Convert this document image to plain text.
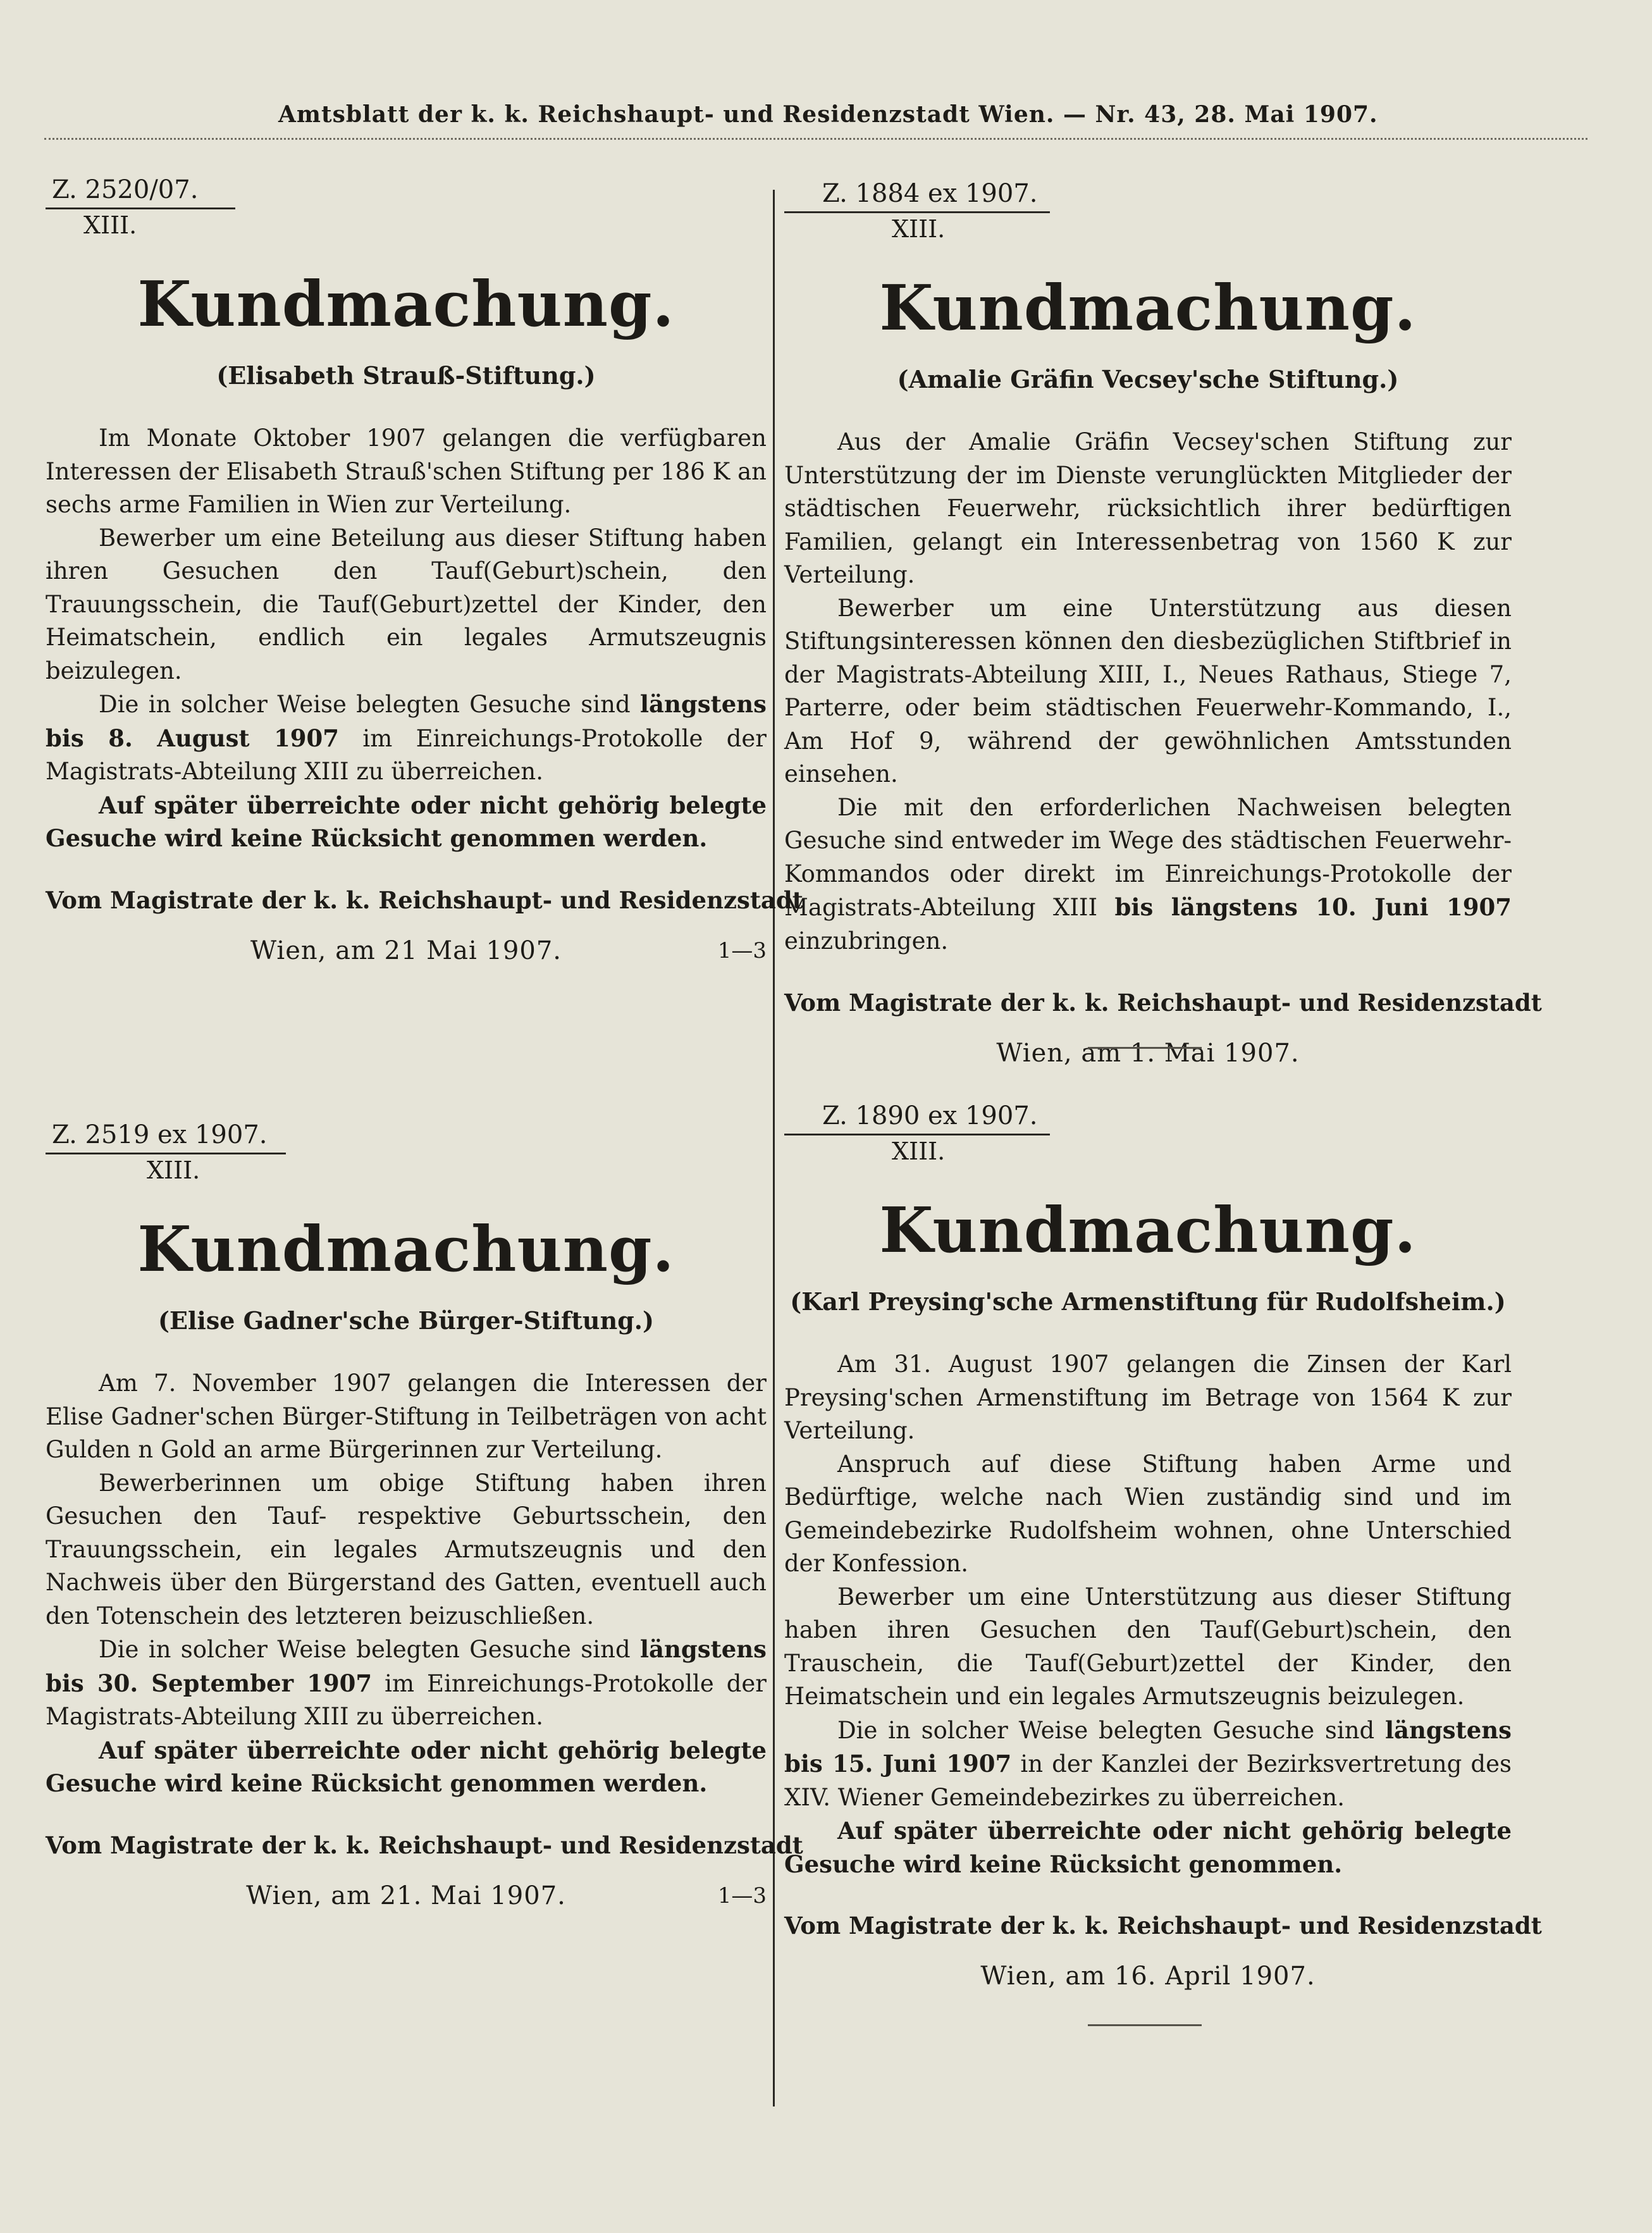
Amtsblatt der k. k. Reichshaupt- und Residenzstadt Wien. — Nr. 43, 28. Mai 1907.
Z. 2520/07.
XIII.
Kundmachung.
(Elisabeth Strauß-Stiftung.)

Im Monate Oktober 1907 gelangen die verfügbaren Interessen der Elisabeth Strauß'schen Stiftung per 186 K an sechs arme Familien in Wien zur Verteilung.

Bewerber um eine Beteilung aus dieser Stiftung haben ihren Gesuchen den Tauf(Geburt)schein, den Trauungsschein, die Tauf(Geburt)zettel der Kinder, den Heimatschein, endlich ein legales Armutszeugnis beizulegen.

Die in solcher Weise belegten Gesuche sind längstens bis 8. August 1907 im Einreichungs-Protokolle der Magistrats-Abteilung XIII zu überreichen.

Auf später überreichte oder nicht gehörig belegte Gesuche wird keine Rücksicht genommen werden.

Vom Magistrate der k. k. Reichshaupt- und Residenzstadt
Wien, am 21 Mai 1907.	1—3
Z. 2519 ex 1907.
XIII.
Kundmachung.
(Elise Gadner'sche Bürger-Stiftung.)

Am 7. November 1907 gelangen die Interessen der Elise Gadner'schen Bürger-Stiftung in Teilbeträgen von acht Gulden n Gold an arme Bürgerinnen zur Verteilung.

Bewerberinnen um obige Stiftung haben ihren Gesuchen den Tauf- respektive Geburtsschein, den Trauungsschein, ein legales Armutszeugnis und den Nachweis über den Bürgerstand des Gatten, eventuell auch den Totenschein des letzteren beizuschließen.

Die in solcher Weise belegten Gesuche sind längstens bis 30. September 1907 im Einreichungs-Protokolle der Magistrats-Abteilung XIII zu überreichen.

Auf später überreichte oder nicht gehörig belegte Gesuche wird keine Rücksicht genommen werden.

Vom Magistrate der k. k. Reichshaupt- und Residenzstadt
Wien, am 21. Mai 1907.	1—3
Z. 1884 ex 1907.
XIII.
Kundmachung.
(Amalie Gräfin Vecsey'sche Stiftung.)

Aus der Amalie Gräfin Vecsey'schen Stiftung zur Unterstützung der im Dienste verunglückten Mitglieder der städtischen Feuerwehr, rücksichtlich ihrer bedürftigen Familien, gelangt ein Interessenbetrag von 1560 K zur Verteilung.

Bewerber um eine Unterstützung aus diesen Stiftungsinteressen können den diesbezüglichen Stiftbrief in der Magistrats-Abteilung XIII, I., Neues Rathaus, Stiege 7, Parterre, oder beim städtischen Feuerwehr-Kommando, I., Am Hof 9, während der gewöhnlichen Amtsstunden einsehen.

Die mit den erforderlichen Nachweisen belegten Gesuche sind entweder im Wege des städtischen Feuerwehr-Kommandos oder direkt im Einreichungs-Protokolle der Magistrats-Abteilung XIII bis längstens 10. Juni 1907 einzubringen.

Vom Magistrate der k. k. Reichshaupt- und Residenzstadt
Wien, am 1. Mai 1907.
Z. 1890 ex 1907.
XIII.
Kundmachung.
(Karl Preysing'sche Armenstiftung für Rudolfsheim.)

Am 31. August 1907 gelangen die Zinsen der Karl Preysing'schen Armenstiftung im Betrage von 1564 K zur Verteilung.

Anspruch auf diese Stiftung haben Arme und Bedürftige, welche nach Wien zuständig sind und im Gemeindebezirke Rudolfsheim wohnen, ohne Unterschied der Konfession.

Bewerber um eine Unterstützung aus dieser Stiftung haben ihren Gesuchen den Tauf(Geburt)schein, den Trauschein, die Tauf(Geburt)zettel der Kinder, den Heimatschein und ein legales Armutszeugnis beizulegen.

Die in solcher Weise belegten Gesuche sind längstens bis 15. Juni 1907 in der Kanzlei der Bezirksvertretung des XIV. Wiener Gemeindebezirkes zu überreichen.

Auf später überreichte oder nicht gehörig belegte Gesuche wird keine Rücksicht genommen.

Vom Magistrate der k. k. Reichshaupt- und Residenzstadt
Wien, am 16. April 1907.
